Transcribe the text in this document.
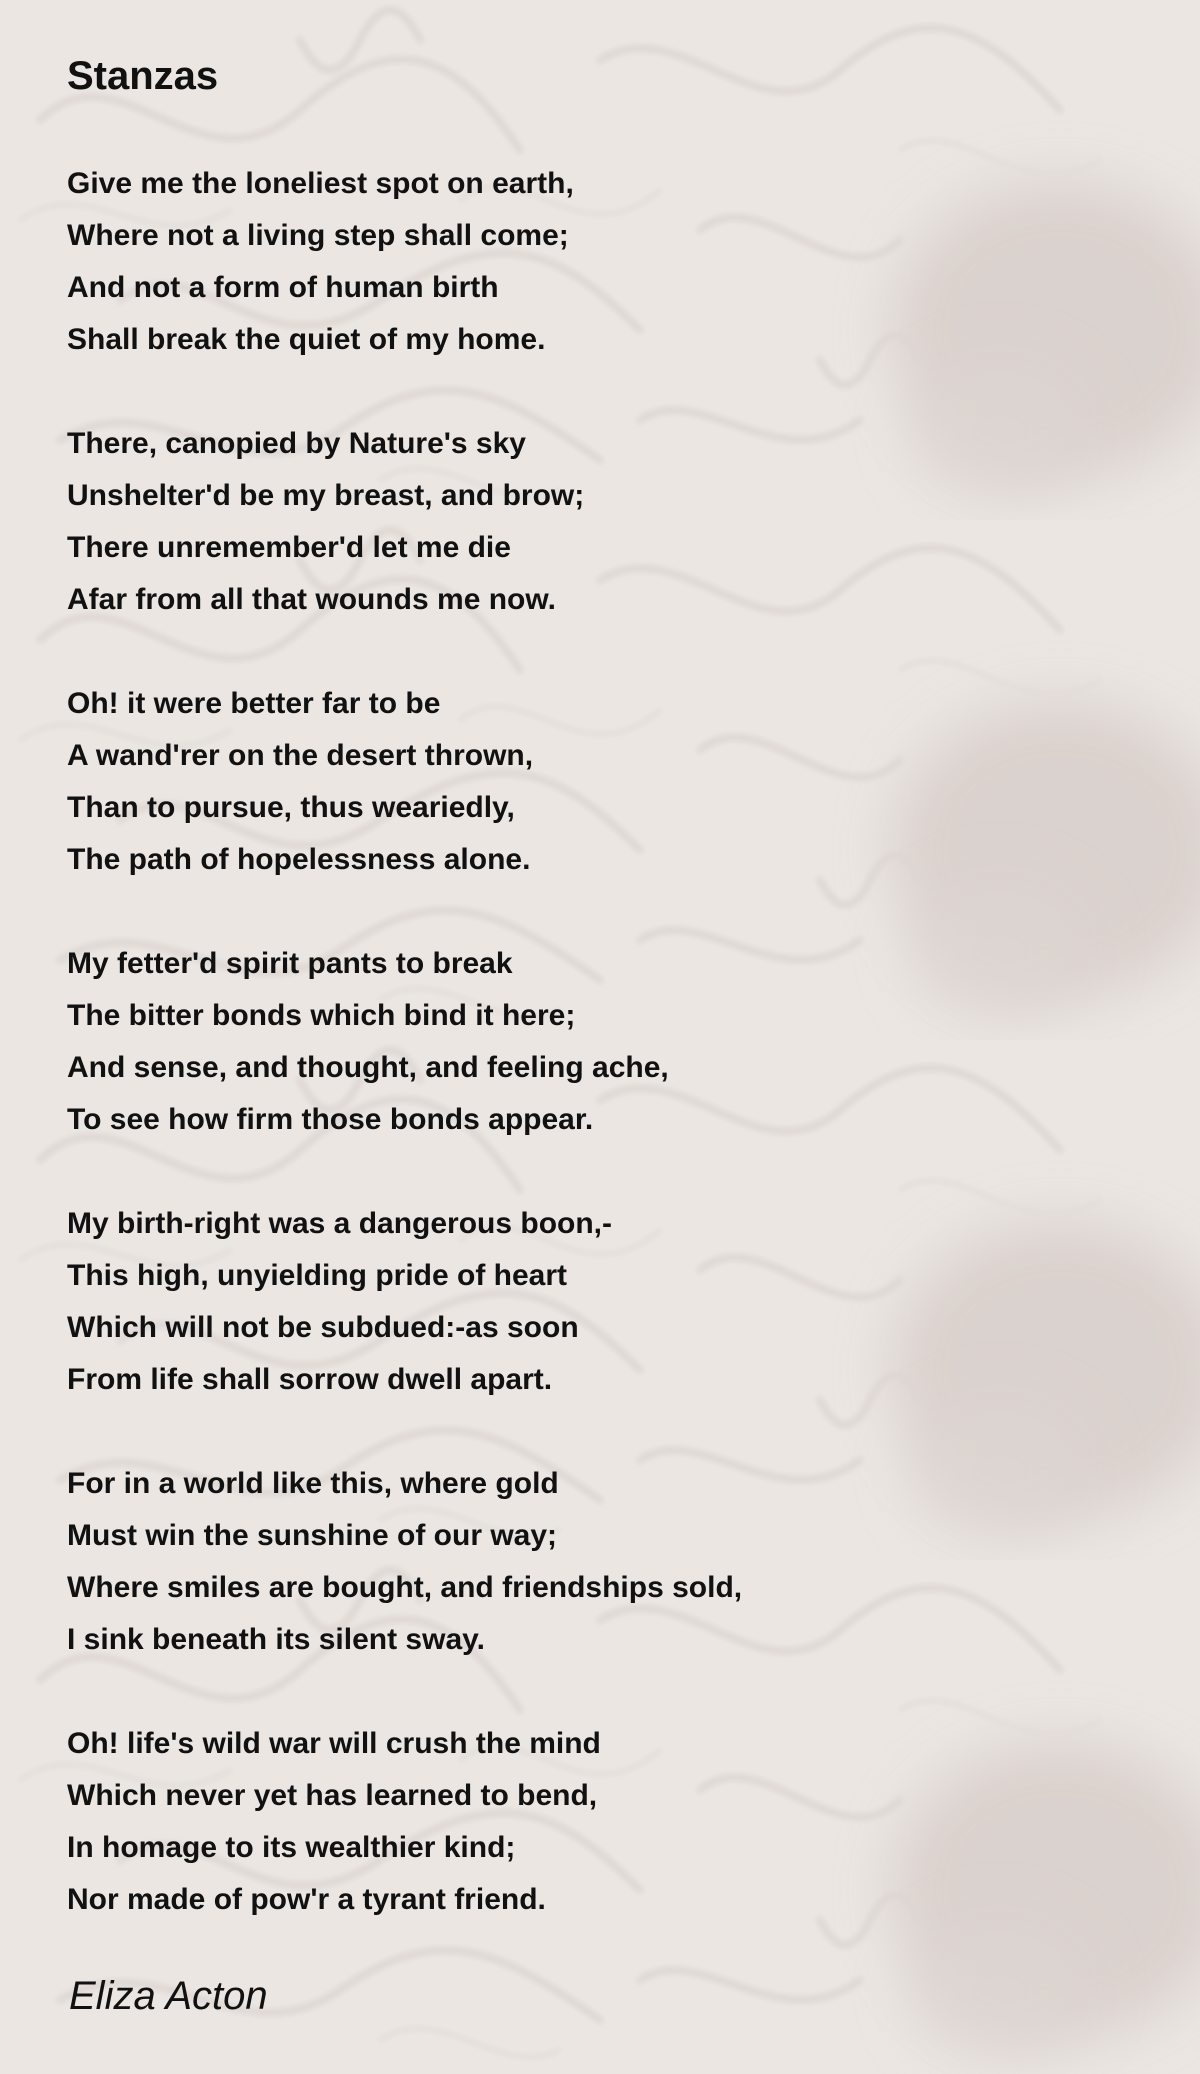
Stanzas
Give me the loneliest spot on earth,
Where not a living step shall come;
And not a form of human birth
Shall break the quiet of my home.
There, canopied by Nature's sky
Unshelter'd be my breast, and brow;
There unremember'd let me die
Afar from all that wounds me now.
Oh! it were better far to be
A wand'rer on the desert thrown,
Than to pursue, thus weariedly,
The path of hopelessness alone.
My fetter'd spirit pants to break
The bitter bonds which bind it here;
And sense, and thought, and feeling ache,
To see how firm those bonds appear.
My birth-right was a dangerous boon,-
This high, unyielding pride of heart
Which will not be subdued:-as soon
From life shall sorrow dwell apart.
For in a world like this, where gold
Must win the sunshine of our way;
Where smiles are bought, and friendships sold,
I sink beneath its silent sway.
Oh! life's wild war will crush the mind
Which never yet has learned to bend,
In homage to its wealthier kind;
Nor made of pow'r a tyrant friend.
Eliza Acton
